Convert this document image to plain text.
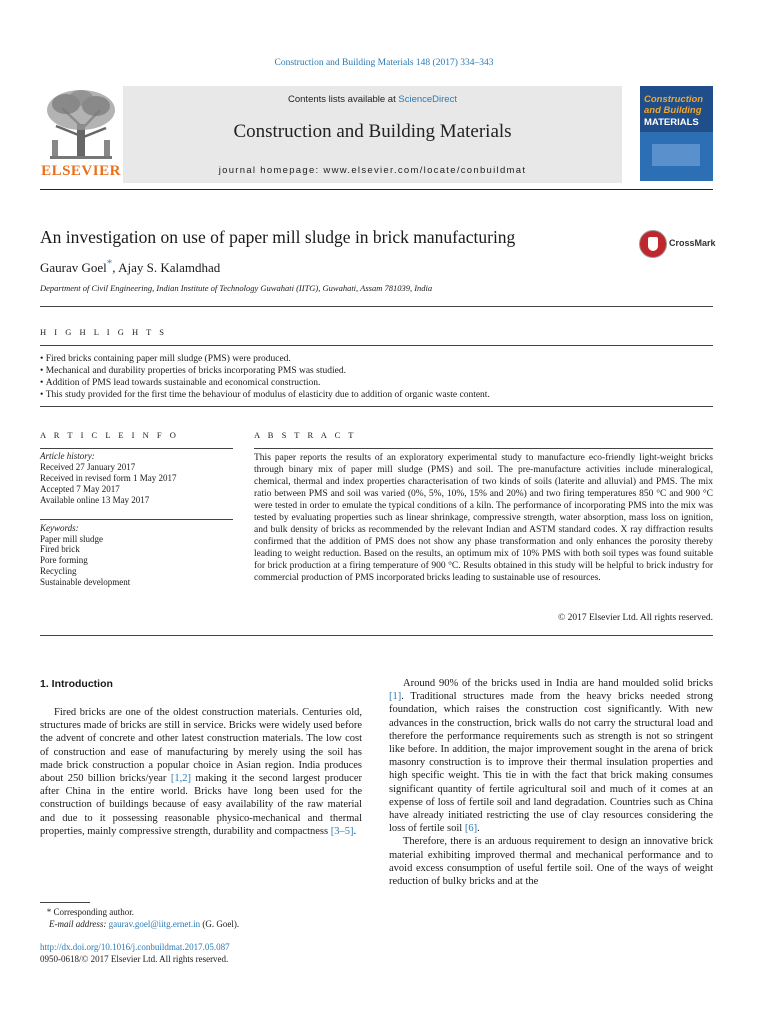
Construction and Building Materials 148 (2017) 334–343
ELSEVIER
Contents lists available at ScienceDirect
Construction and Building Materials
journal homepage: www.elsevier.com/locate/conbuildmat
Construction and Building
MATERIALS
An investigation on use of paper mill sludge in brick manufacturing	CrossMark
Gaurav Goel*, Ajay S. Kalamdhad
Department of Civil Engineering, Indian Institute of Technology Guwahati (IITG), Guwahati, Assam 781039, India
H I G H L I G H T S
• Fired bricks containing paper mill sludge (PMS) were produced.
• Mechanical and durability properties of bricks incorporating PMS was studied.
• Addition of PMS lead towards sustainable and economical construction.
• This study provided for the first time the behaviour of modulus of elasticity due to addition of organic waste content.
A R T I C L E I N F O
Article history:
Received 27 January 2017
Received in revised form 1 May 2017
Accepted 7 May 2017
Available online 13 May 2017
Keywords:
Paper mill sludge
Fired brick
Pore forming
Recycling
Sustainable development
A B S T R A C T
This paper reports the results of an exploratory experimental study to manufacture eco-friendly light-weight bricks through binary mix of paper mill sludge (PMS) and soil. The pre-manufacture activities include mineralogical, chemical, thermal and index properties characterisation of two kinds of soils (laterite and alluvial) and PMS. The mix ratio between PMS and soil was varied (0%, 5%, 10%, 15% and 20%) and two firing temperatures 850 °C and 900 °C were tested in order to emulate the typical conditions of a kiln. The performance of incorporating PMS into the mix was tested by evaluating properties such as linear shrinkage, compressive strength, water absorption, mass loss on ignition, and bulk density of bricks as recommended by the relevant Indian and ASTM standard codes. X ray diffraction results confirmed that the addition of PMS does not show any phase transformation and only enhances the porosity thereby leading to weight reduction. Based on the results, an optimum mix of 10% PMS with both soil types was found suitable for brick production at a firing temperature of 900 °C. Results obtained in this study will be helpful to brick industry for commercial production of PMS incorporated bricks leading to sustainable use of resources.
© 2017 Elsevier Ltd. All rights reserved.
1. Introduction

Fired bricks are one of the oldest construction materials. Centuries old, structures made of bricks are still in service. Bricks were widely used before the advent of concrete and other latest construction materials. The low cost of construction and ease of manufacturing by merely using the soil has made brick construction a popular choice in Asian region. India produces about 250 billion bricks/year [1,2] making it the second largest producer after China in the entire world. Bricks have long been used for the construction of buildings because of easy availability of the raw material and due to it possessing reasonable physico-mechanical and thermal properties, mainly compressive strength, durability and compactness [3–5].

Around 90% of the bricks used in India are hand moulded solid bricks [1]. Traditional structures made from the heavy bricks needed strong foundation, which raises the construction cost significantly. With new advances in the construction, brick walls do not carry the structural load and therefore the performance requirements such as strength is not so stringent like before. In addition, the major improvement sought in the arena of brick masonry construction is to improve their thermal insulation properties and high specific weight. This tie in with the fact that brick making consumes significant quantity of fertile agricultural soil and much of it comes at an expense of loss of fertile soil and land degradation. Countries such as China have already initiated restricting the use of clay resources considering the loss of fertile soil [6].

Therefore, there is an arduous requirement to design an innovative brick material exhibiting improved thermal and mechanical performance and to avoid excess consumption of useful fertile soil. One of the ways of weight reduction of bulky bricks and at the

* Corresponding author.
E-mail address: gaurav.goel@iitg.ernet.in (G. Goel).
http://dx.doi.org/10.1016/j.conbuildmat.2017.05.087
0950-0618/© 2017 Elsevier Ltd. All rights reserved.
